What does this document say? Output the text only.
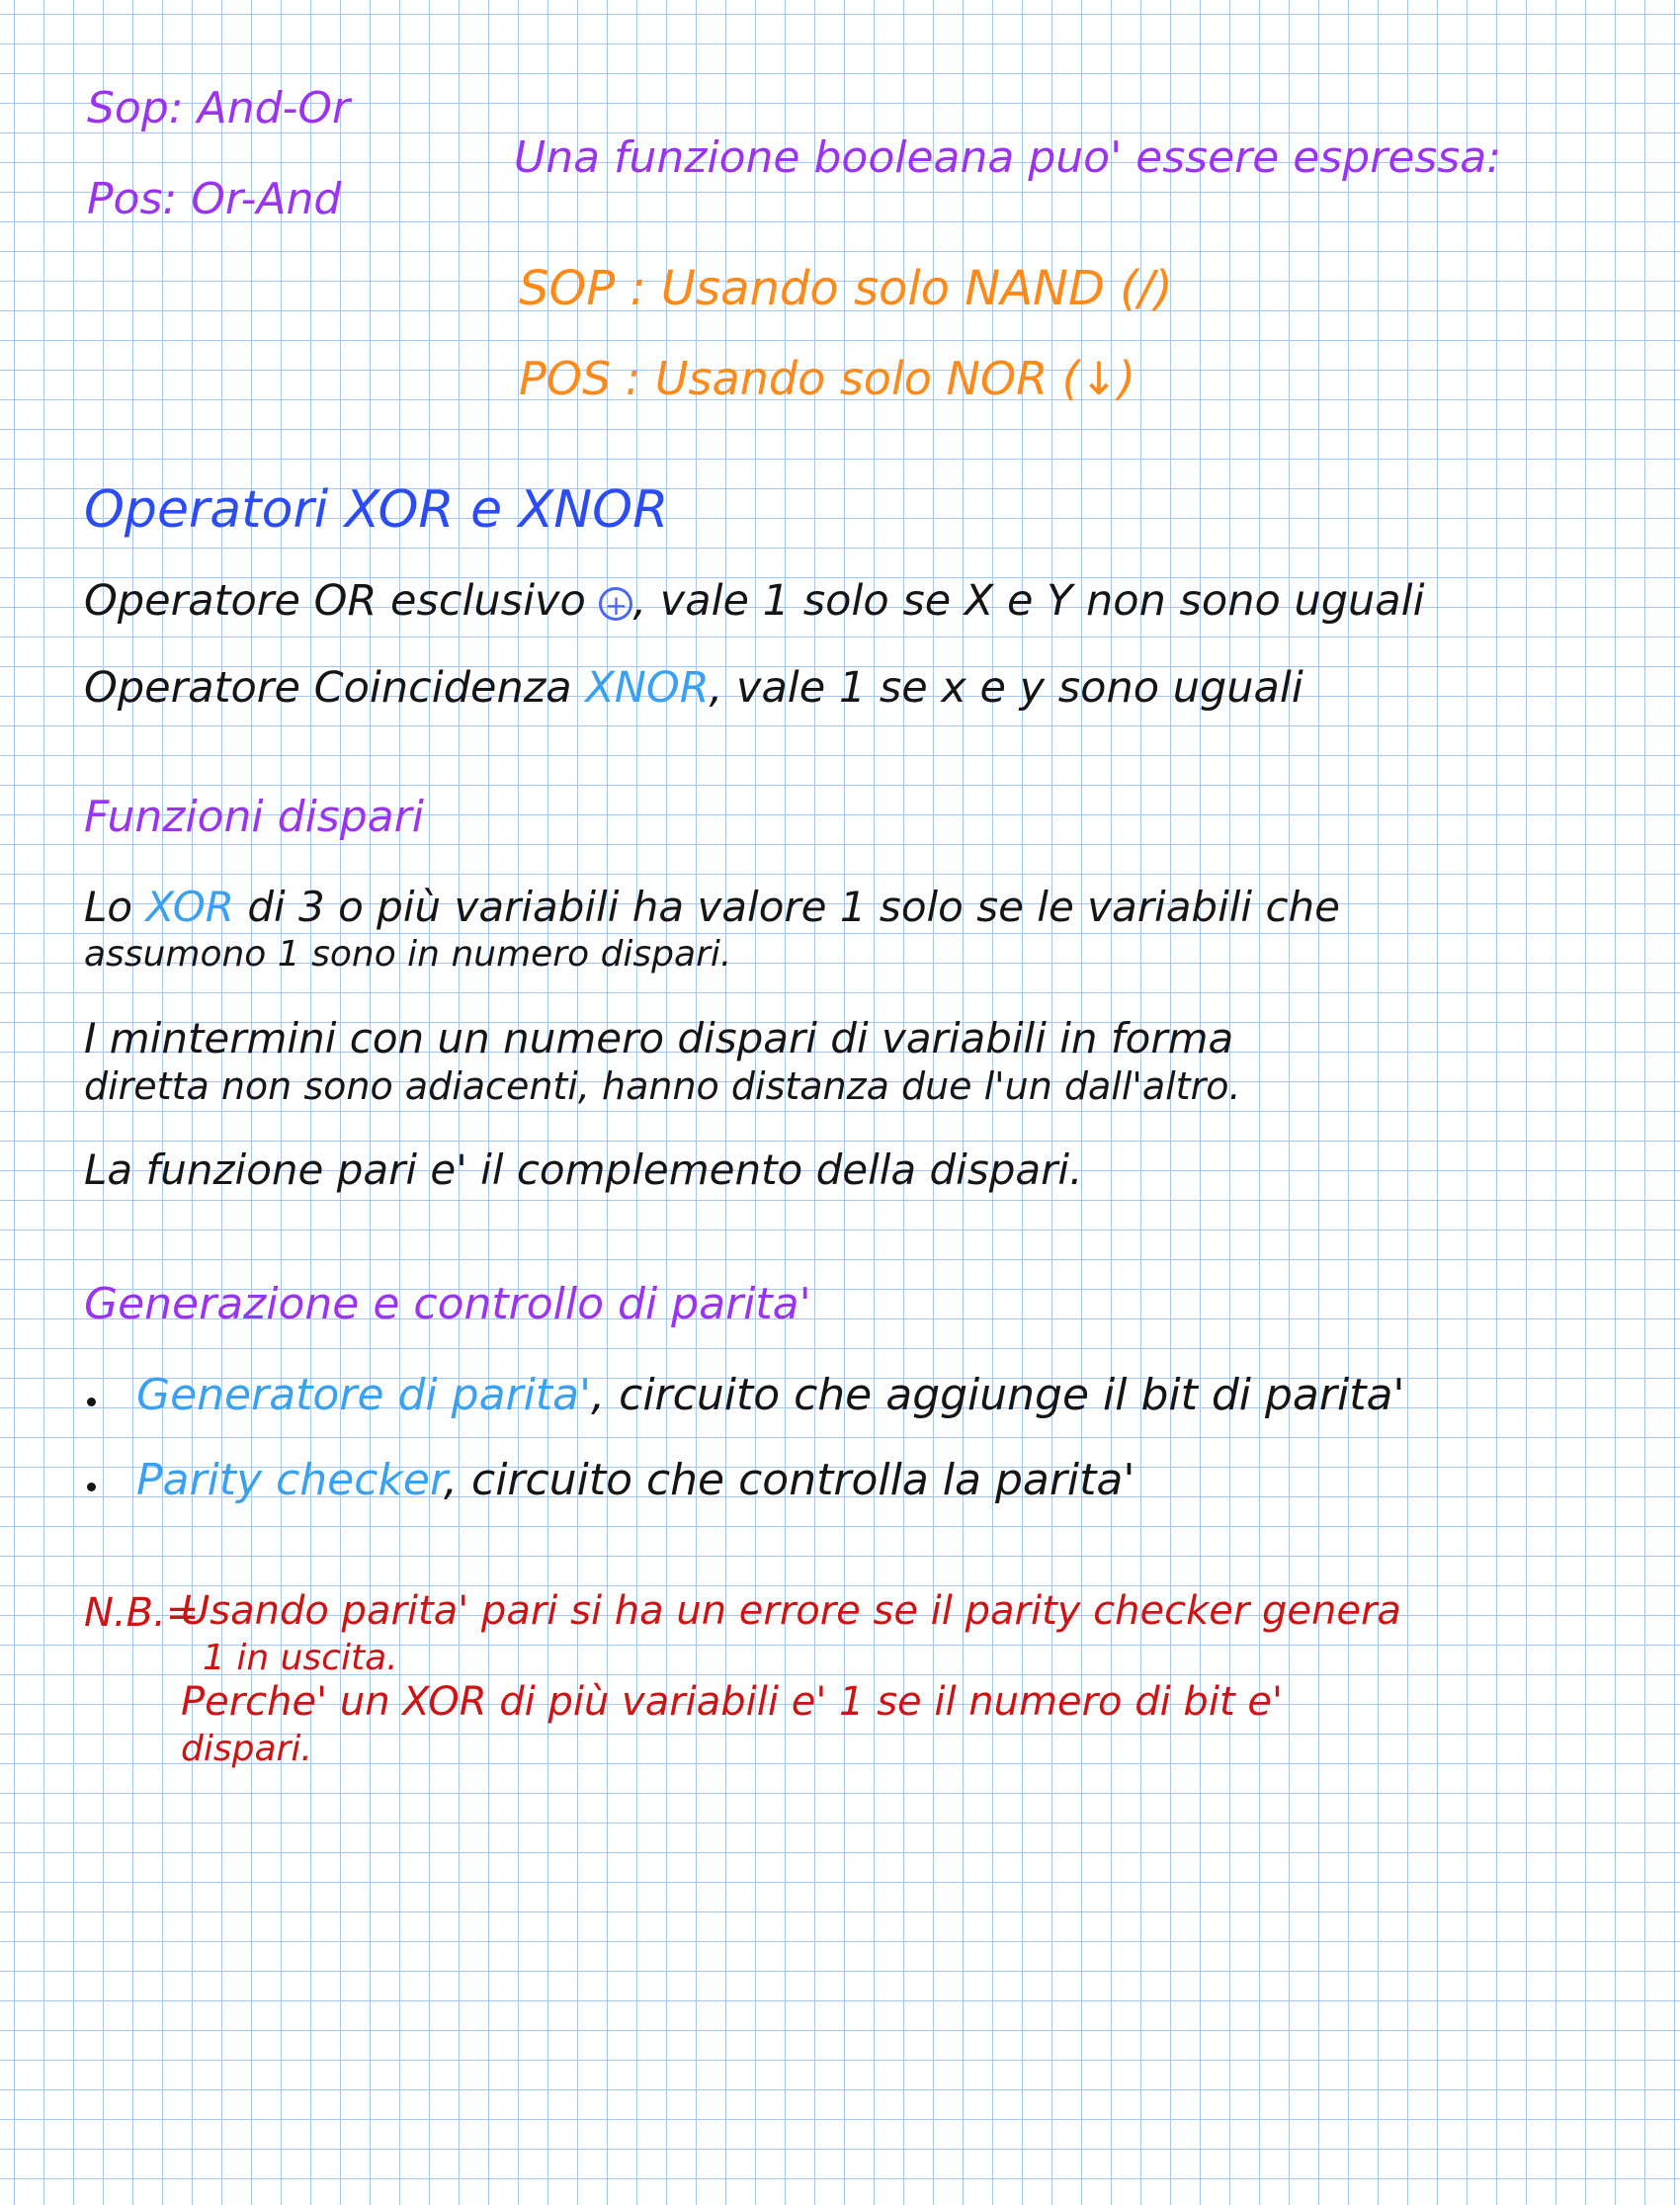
Sop: And-Or
Pos: Or-And
Una funzione booleana puo' essere espressa:
SOP : Usando solo NAND (/)
POS : Usando solo NOR (↓)
Operatori XOR e XNOR
Operatore OR esclusivo + , vale 1 solo se X e Y non sono uguali
Operatore Coincidenza XNOR, vale 1 se x e y sono uguali
Funzioni dispari
Lo XOR di 3 o più variabili ha valore 1 solo se le variabili che
assumono 1 sono in numero dispari.
I mintermini con un numero dispari di variabili in forma
diretta non sono adiacenti, hanno distanza due l'un dall'altro.
La funzione pari e' il complemento della dispari.
Generazione e controllo di parita'
Generatore di parita', circuito che aggiunge il bit di parita'
Parity checker, circuito che controlla la parita'
N.B.=
Usando parita' pari si ha un errore se il parity checker genera
1 in uscita.
Perche' un XOR di più variabili e' 1 se il numero di bit e'
dispari.
